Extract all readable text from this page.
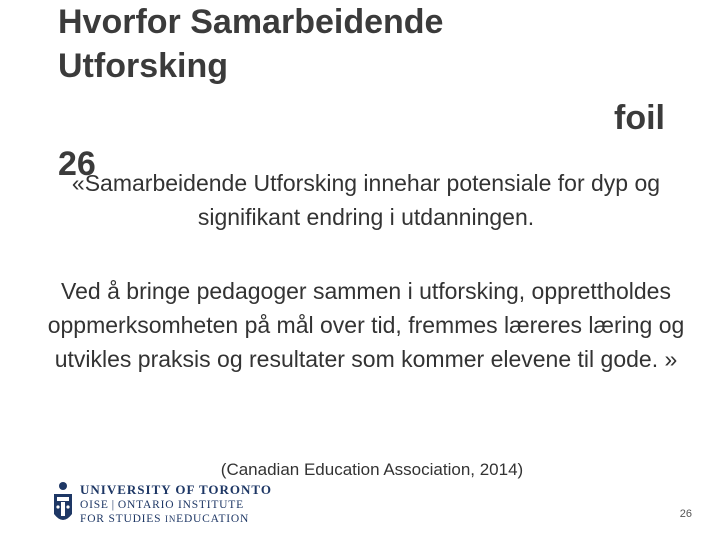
Hvorfor Samarbeidende
Utforsking
foil
26

«Samarbeidende Utforsking innehar potensiale for dyp og signifikant endring i utdanningen.

Ved å bringe pedagoger sammen i utforsking, opprettholdes oppmerksomheten på mål over tid, fremmes læreres læring og utvikles praksis og resultater som kommer elevene til gode. »

(Canadian Education Association, 2014)
UNIVERSITY OF TORONTO
OISE | ONTARIO INSTITUTE
FOR STUDIES INEDUCATION	26
